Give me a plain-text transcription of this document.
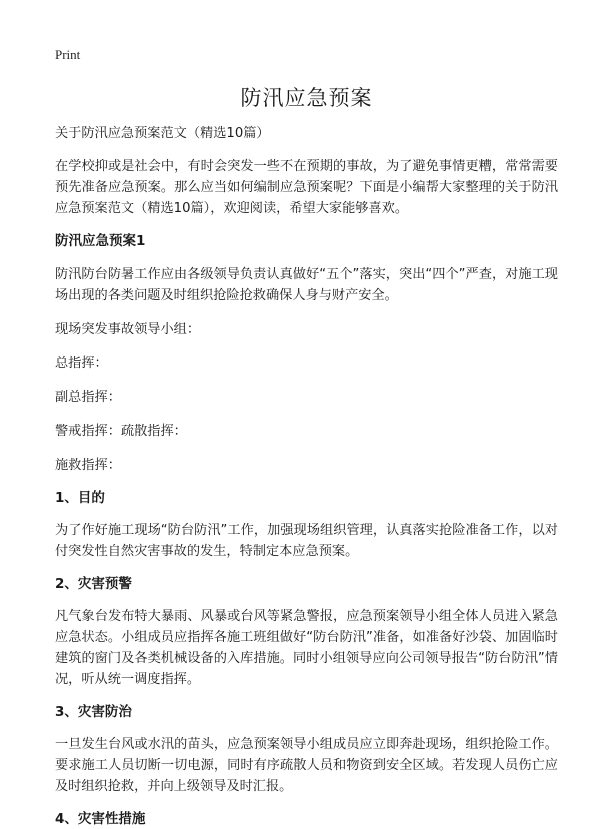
Print
防汛应急预案

关于防汛应急预案范文（精选10篇）

在学校抑或是社会中，有时会突发一些不在预期的事故，为了避免事情更糟，常常需要预先准备应急预案。那么应当如何编制应急预案呢？下面是小编帮大家整理的关于防汛应急预案范文（精选10篇），欢迎阅读，希望大家能够喜欢。

防汛应急预案1

防汛防台防暑工作应由各级领导负责认真做好“五个”落实，突出“四个”严查，对施工现场出现的各类问题及时组织抢险抢救确保人身与财产安全。

现场突发事故领导小组：

总指挥：

副总指挥：

警戒指挥：疏散指挥：

施救指挥：

1、目的

为了作好施工现场“防台防汛”工作，加强现场组织管理，认真落实抢险准备工作，以对付突发性自然灾害事故的发生，特制定本应急预案。

2、灾害预警

凡气象台发布特大暴雨、风暴或台风等紧急警报，应急预案领导小组全体人员进入紧急应急状态。小组成员应指挥各施工班组做好“防台防汛”准备，如准备好沙袋、加固临时建筑的窗门及各类机械设备的入库措施。同时小组领导应向公司领导报告“防台防汛”情况，听从统一调度指挥。

3、灾害防治

一旦发生台风或水汛的苗头，应急预案领导小组成员应立即奔赴现场，组织抢险工作。要求施工人员切断一切电源，同时有序疏散人员和物资到安全区域。若发现人员伤亡应及时组织抢救，并向上级领导及时汇报。

4、灾害性措施
